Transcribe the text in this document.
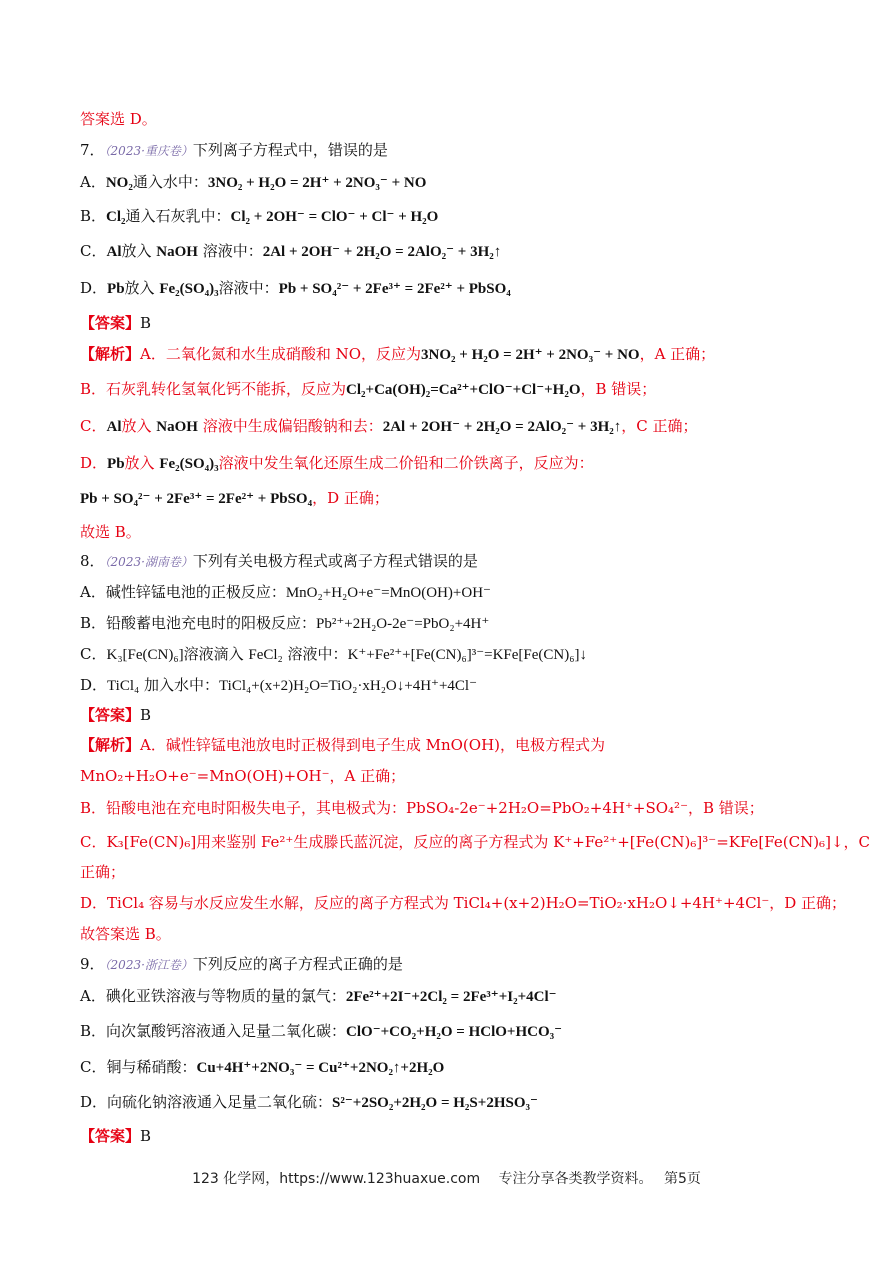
答案选 D。
7．（2023·重庆卷）下列离子方程式中，错误的是
A．NO₂通入水中：3NO₂ + H₂O = 2H⁺ + 2NO₃⁻ + NO
B．Cl₂通入石灰乳中：Cl₂ + 2OH⁻ = ClO⁻ + Cl⁻ + H₂O
C．Al放入 NaOH 溶液中：2Al + 2OH⁻ + 2H₂O = 2AlO₂⁻ + 3H₂↑
D．Pb放入 Fe₂(SO₄)₃溶液中：Pb + SO₄²⁻ + 2Fe³⁺ = 2Fe²⁺ + PbSO₄
【答案】B
【解析】A．二氧化氮和水生成硝酸和 NO，反应为3NO₂ + H₂O = 2H⁺ + 2NO₃⁻ + NO，A 正确；
B．石灰乳转化氢氧化钙不能拆，反应为Cl₂+Ca(OH)₂=Ca²⁺+ClO⁻+Cl⁻+H₂O，B 错误；
C．Al放入 NaOH 溶液中生成偏铝酸钠和去：2Al + 2OH⁻ + 2H₂O = 2AlO₂⁻ + 3H₂↑，C 正确；
D．Pb放入 Fe₂(SO₄)₃溶液中发生氧化还原生成二价铅和二价铁离子，反应为：
Pb + SO₄²⁻ + 2Fe³⁺ = 2Fe²⁺ + PbSO₄，D 正确；
故选 B。
8．（2023·湖南卷）下列有关电极方程式或离子方程式错误的是
A．碱性锌锰电池的正极反应：MnO₂+H₂O+e⁻=MnO(OH)+OH⁻
B．铅酸蓄电池充电时的阳极反应：Pb²⁺+2H₂O-2e⁻=PbO₂+4H⁺
C．K₃[Fe(CN)₆]溶液滴入 FeCl₂ 溶液中：K⁺+Fe²⁺+[Fe(CN)₆]³⁻=KFe[Fe(CN)₆]↓
D．TiCl₄ 加入水中：TiCl₄+(x+2)H₂O=TiO₂·xH₂O↓+4H⁺+4Cl⁻
【答案】B
【解析】A．碱性锌锰电池放电时正极得到电子生成 MnO(OH)，电极方程式为
MnO₂+H₂O+e⁻=MnO(OH)+OH⁻，A 正确；
B．铅酸电池在充电时阳极失电子，其电极式为：PbSO₄-2e⁻+2H₂O=PbO₂+4H⁺+SO₄²⁻，B 错误；
C．K₃[Fe(CN)₆]用来鉴别 Fe²⁺生成滕氏蓝沉淀，反应的离子方程式为 K⁺+Fe²⁺+[Fe(CN)₆]³⁻=KFe[Fe(CN)₆]↓，C
正确；
D．TiCl₄ 容易与水反应发生水解，反应的离子方程式为 TiCl₄+(x+2)H₂O=TiO₂·xH₂O↓+4H⁺+4Cl⁻，D 正确；
故答案选 B。
9．（2023·浙江卷）下列反应的离子方程式正确的是
A．碘化亚铁溶液与等物质的量的氯气：2Fe²⁺+2I⁻+2Cl₂ = 2Fe³⁺+I₂+4Cl⁻
B．向次氯酸钙溶液通入足量二氧化碳：ClO⁻+CO₂+H₂O = HClO+HCO₃⁻
C．铜与稀硝酸：Cu+4H⁺+2NO₃⁻ = Cu²⁺+2NO₂↑+2H₂O
D．向硫化钠溶液通入足量二氧化硫：S²⁻+2SO₂+2H₂O = H₂S+2HSO₃⁻
【答案】B
123 化学网，https://www.123huaxue.com　 专注分享各类教学资料。　 第5页
